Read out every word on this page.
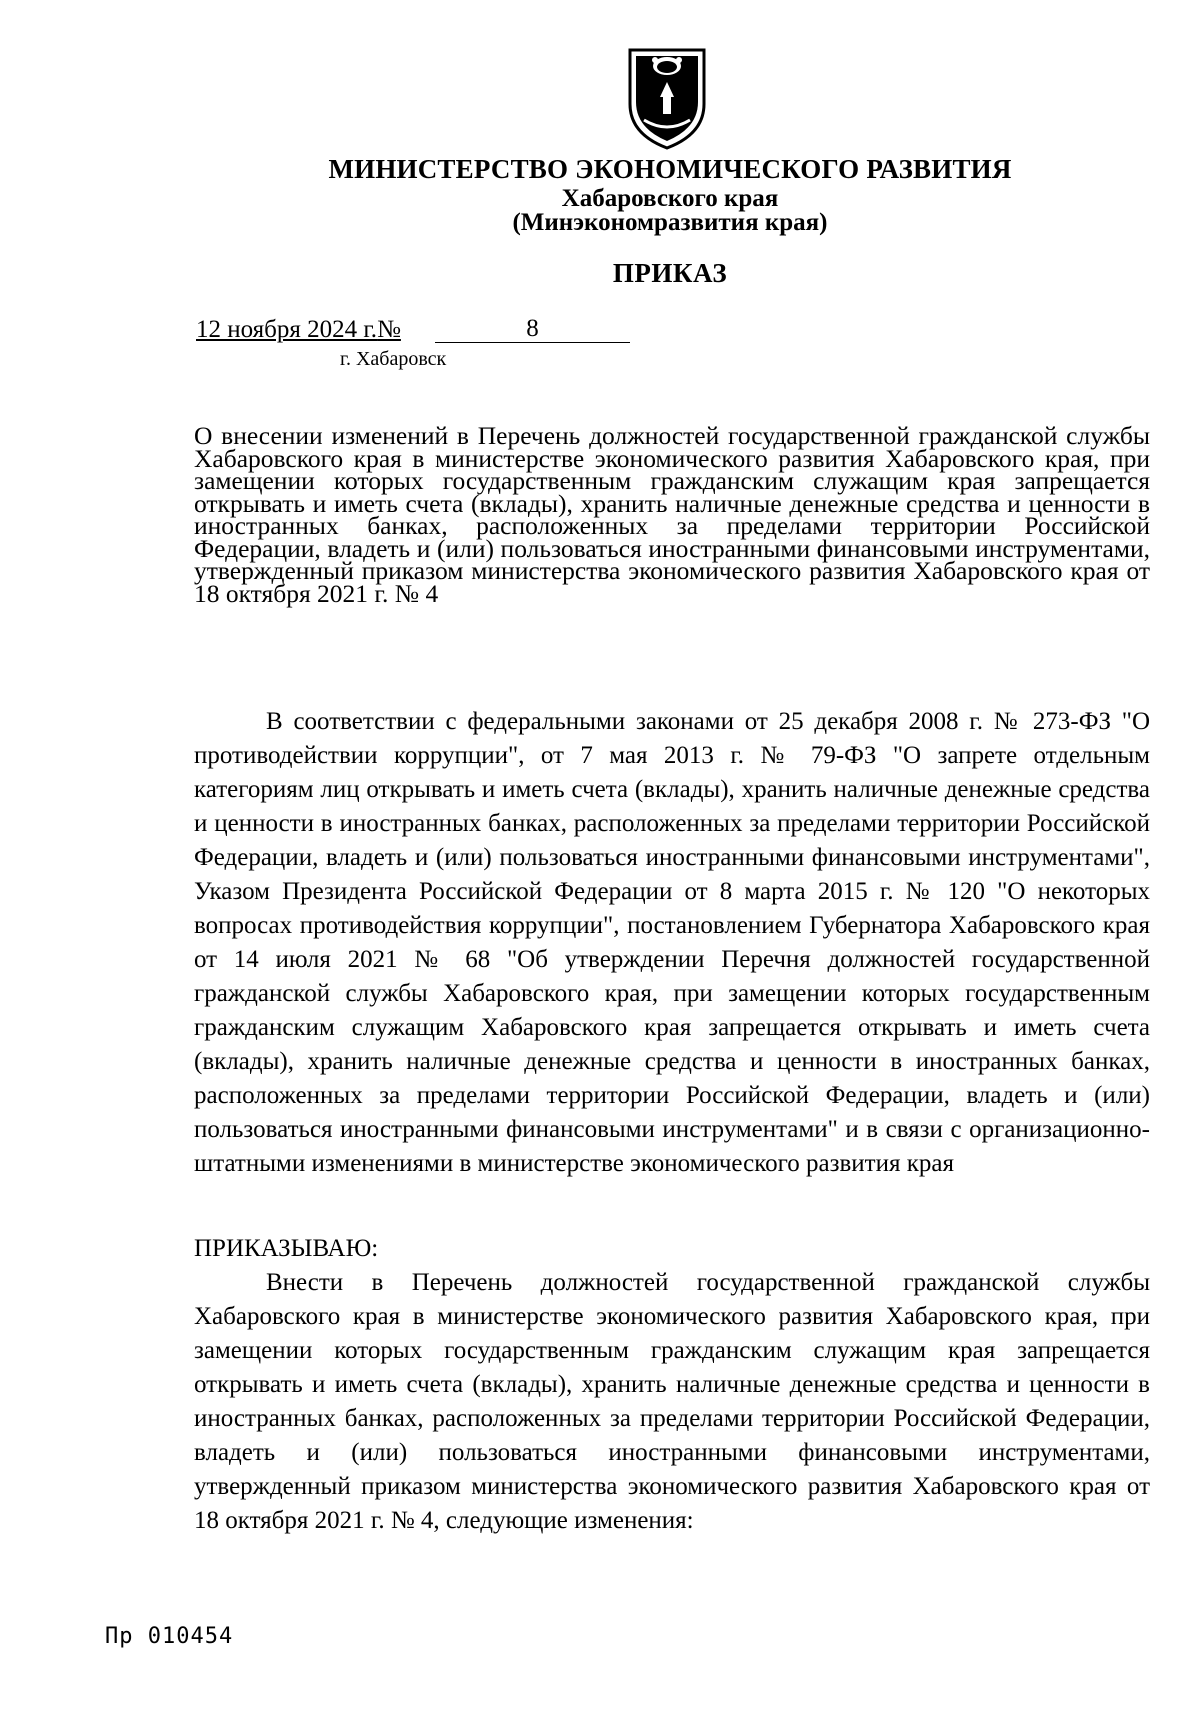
МИНИСТЕРСТВО ЭКОНОМИЧЕСКОГО РАЗВИТИЯ
Хабаровского края
(Минэкономразвития края)
ПРИКАЗ
12 ноября 2024 г.№	8
г. Хабаровск
О внесении изменений в Перечень должностей государственной гражданской службы Хабаровского края в министерстве экономического развития Хабаровского края, при замещении которых государственным гражданским служащим края запрещается открывать и иметь счета (вклады), хранить наличные денежные средства и ценности в иностранных банках, расположенных за пределами территории Российской Федерации, владеть и (или) пользоваться иностранными финансовыми инструментами, утвержденный приказом министерства экономического развития Хабаровского края от 18 октября 2021 г. № 4
В соответствии с федеральными законами от 25 декабря 2008 г. № 273-ФЗ "О противодействии коррупции", от 7 мая 2013 г. № 79-ФЗ "О запрете отдельным категориям лиц открывать и иметь счета (вклады), хранить наличные денежные средства и ценности в иностранных банках, расположенных за пределами территории Российской Федерации, владеть и (или) пользоваться иностранными финансовыми инструментами", Указом Президента Российской Федерации от 8 марта 2015 г. № 120 "О некоторых вопросах противодействия коррупции", постановлением Губернатора Хабаровского края от 14 июля 2021 № 68 "Об утверждении Перечня должностей государственной гражданской службы Хабаровского края, при замещении которых государственным гражданским служащим Хабаровского края запрещается открывать и иметь счета (вклады), хранить наличные денежные средства и ценности в иностранных банках, расположенных за пределами территории Российской Федерации, владеть и (или) пользоваться иностранными финансовыми инструментами" и в связи с организационно-штатными изменениями в министерстве экономического развития края
ПРИКАЗЫВАЮ:
Внести в Перечень должностей государственной гражданской службы Хабаровского края в министерстве экономического развития Хабаровского края, при замещении которых государственным гражданским служащим края запрещается открывать и иметь счета (вклады), хранить наличные денежные средства и ценности в иностранных банках, расположенных за пределами территории Российской Федерации, владеть и (или) пользоваться иностранными финансовыми инструментами, утвержденный приказом министерства экономического развития Хабаровского края от 18 октября 2021 г. № 4, следующие изменения:
Пр 010454
